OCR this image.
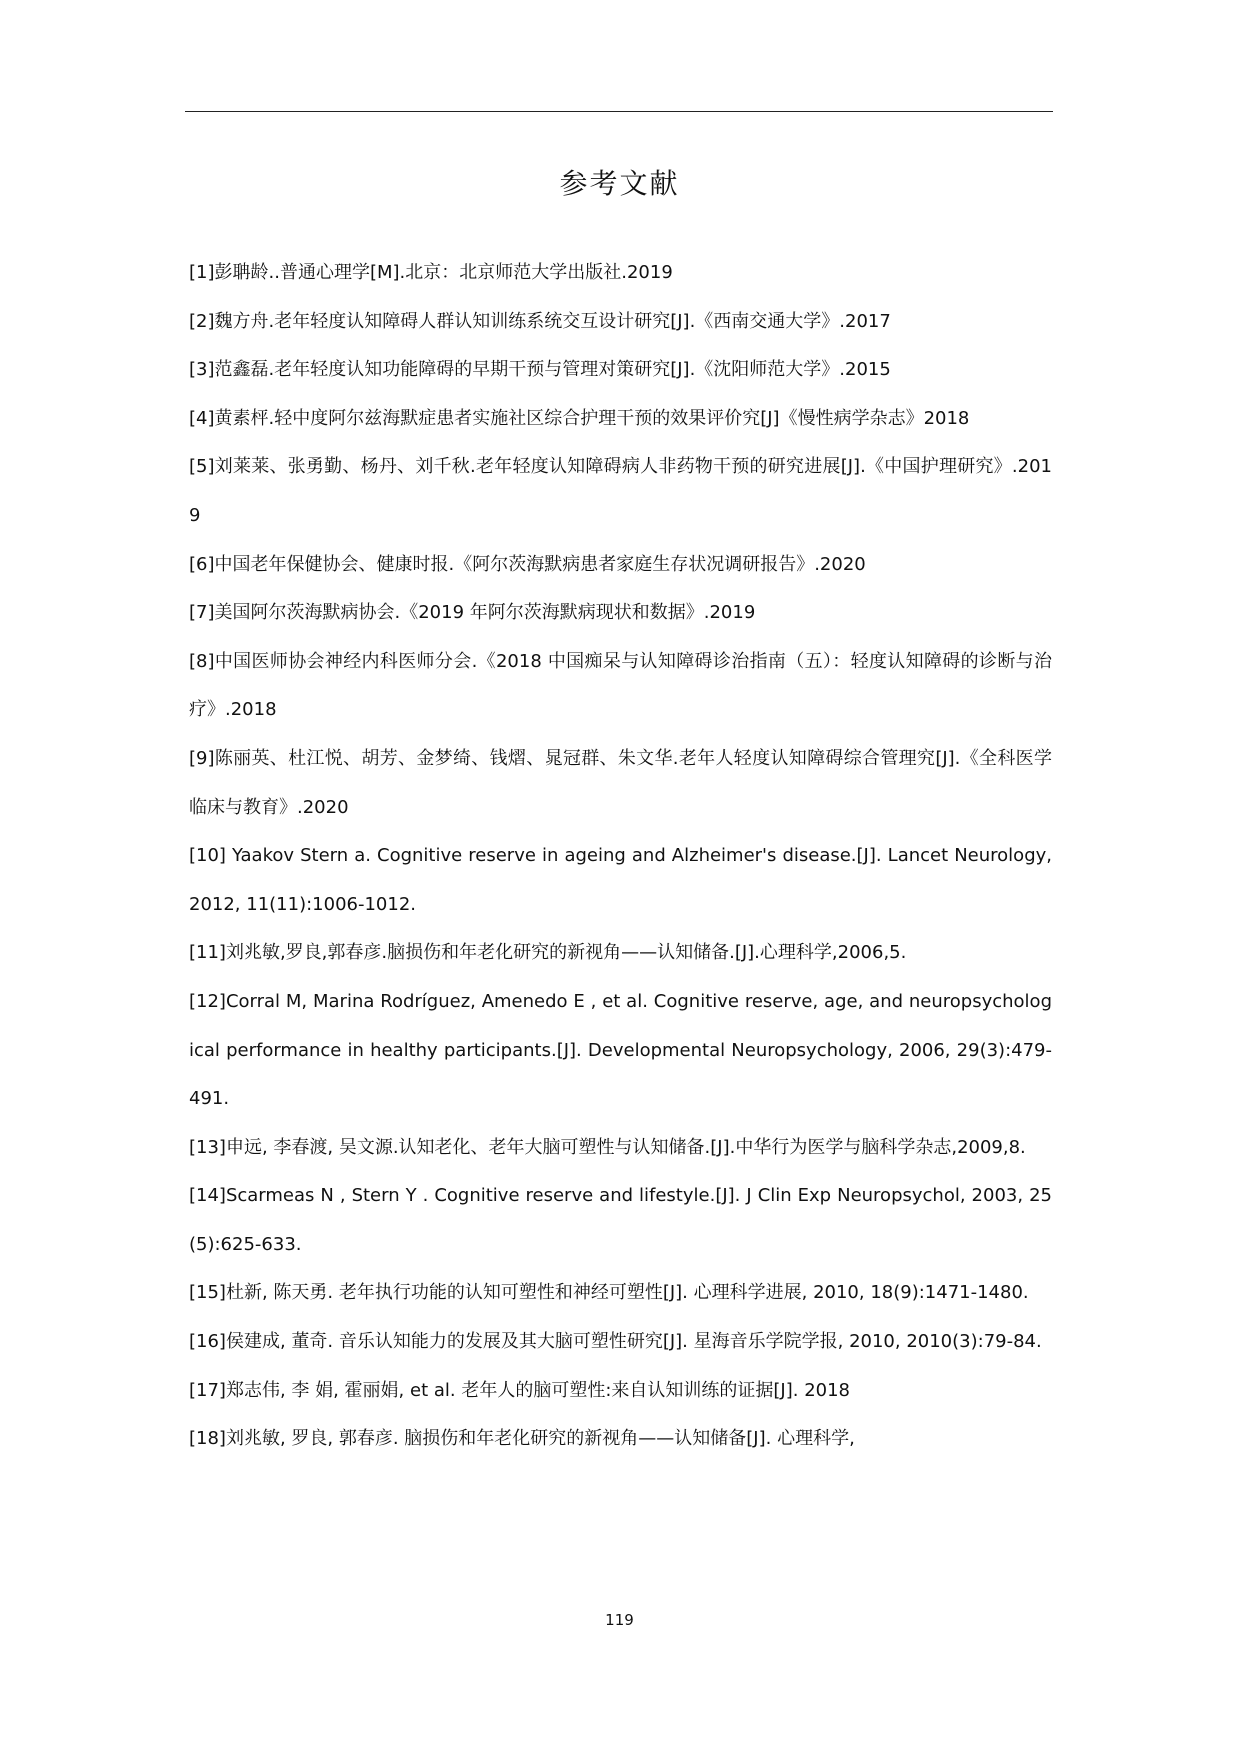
参考文献
[1]彭聃龄..普通心理学[M].北京：北京师范大学出版社.2019
[2]魏方舟.老年轻度认知障碍人群认知训练系统交互设计研究[J].《西南交通大学》.2017
[3]范鑫磊.老年轻度认知功能障碍的早期干预与管理对策研究[J].《沈阳师范大学》.2015
[4]黄素枰.轻中度阿尔兹海默症患者实施社区综合护理干预的效果评价究[J]《慢性病学杂志》2018
[5]刘莱莱、张勇勤、杨丹、刘千秋.老年轻度认知障碍病人非药物干预的研究进展[J].《中国护理研究》.2019
[6]中国老年保健协会、健康时报.《阿尔茨海默病患者家庭生存状况调研报告》.2020
[7]美国阿尔茨海默病协会.《2019 年阿尔茨海默病现状和数据》.2019
[8]中国医师协会神经内科医师分会.《2018 中国痴呆与认知障碍诊治指南（五）：轻度认知障碍的诊断与治疗》.2018
[9]陈丽英、杜江悦、胡芳、金梦绮、钱熠、晁冠群、朱文华.老年人轻度认知障碍综合管理究[J].《全科医学临床与教育》.2020
[10] Yaakov Stern a. Cognitive reserve in ageing and Alzheimer's disease.[J]. Lancet Neurology, 2012, 11(11):1006-1012.
[11]刘兆敏,罗良,郭春彦.脑损伤和年老化研究的新视角——认知储备.[J].心理科学,2006,5.
[12]Corral M, Marina Rodríguez, Amenedo E , et al. Cognitive reserve, age, and neuropsychological performance in healthy participants.[J]. Developmental Neuropsychology, 2006, 29(3):479-491.
[13]申远, 李春渡, 吴文源.认知老化、老年大脑可塑性与认知储备.[J].中华行为医学与脑科学杂志,2009,8.
[14]Scarmeas N , Stern Y . Cognitive reserve and lifestyle.[J]. J Clin Exp Neuropsychol, 2003, 25(5):625-633.
[15]杜新, 陈天勇. 老年执行功能的认知可塑性和神经可塑性[J]. 心理科学进展, 2010, 18(9):1471-1480.
[16]侯建成, 董奇. 音乐认知能力的发展及其大脑可塑性研究[J]. 星海音乐学院学报, 2010, 2010(3):79-84.
[17]郑志伟, 李 娟, 霍丽娟, et al. 老年人的脑可塑性:来自认知训练的证据[J]. 2018
[18]刘兆敏, 罗良, 郭春彦. 脑损伤和年老化研究的新视角——认知储备[J]. 心理科学,
119
